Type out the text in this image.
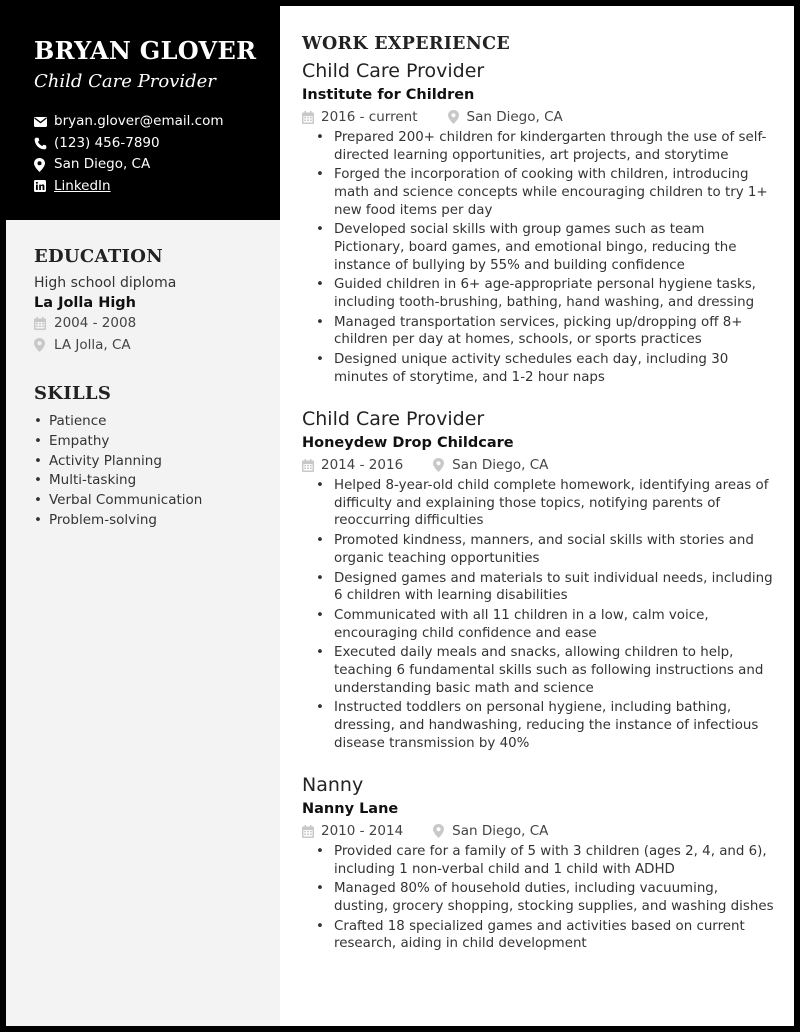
BRYAN GLOVER
Child Care Provider
bryan.glover@email.com
(123) 456-7890
San Diego, CA
LinkedIn
EDUCATION
High school diploma
La Jolla High
2004 - 2008
LA Jolla, CA
SKILLS
• Patience
• Empathy
• Activity Planning
• Multi-tasking
• Verbal Communication
• Problem-solving
WORK EXPERIENCE
Child Care Provider
Institute for Children
2016 - current	San Diego, CA
• Prepared 200+ children for kindergarten through the use of self-directed learning opportunities, art projects, and storytime
• Forged the incorporation of cooking with children, introducing math and science concepts while encouraging children to try 1+ new food items per day
• Developed social skills with group games such as team Pictionary, board games, and emotional bingo, reducing the instance of bullying by 55% and building confidence
• Guided children in 6+ age-appropriate personal hygiene tasks, including tooth-brushing, bathing, hand washing, and dressing
• Managed transportation services, picking up/dropping off 8+ children per day at homes, schools, or sports practices
• Designed unique activity schedules each day, including 30 minutes of storytime, and 1-2 hour naps
Child Care Provider
Honeydew Drop Childcare
2014 - 2016	San Diego, CA
• Helped 8-year-old child complete homework, identifying areas of difficulty and explaining those topics, notifying parents of reoccurring difficulties
• Promoted kindness, manners, and social skills with stories and organic teaching opportunities
• Designed games and materials to suit individual needs, including 6 children with learning disabilities
• Communicated with all 11 children in a low, calm voice, encouraging child confidence and ease
• Executed daily meals and snacks, allowing children to help, teaching 6 fundamental skills such as following instructions and understanding basic math and science
• Instructed toddlers on personal hygiene, including bathing, dressing, and handwashing, reducing the instance of infectious disease transmission by 40%
Nanny
Nanny Lane
2010 - 2014	San Diego, CA
• Provided care for a family of 5 with 3 children (ages 2, 4, and 6), including 1 non-verbal child and 1 child with ADHD
• Managed 80% of household duties, including vacuuming, dusting, grocery shopping, stocking supplies, and washing dishes
• Crafted 18 specialized games and activities based on current research, aiding in child development
